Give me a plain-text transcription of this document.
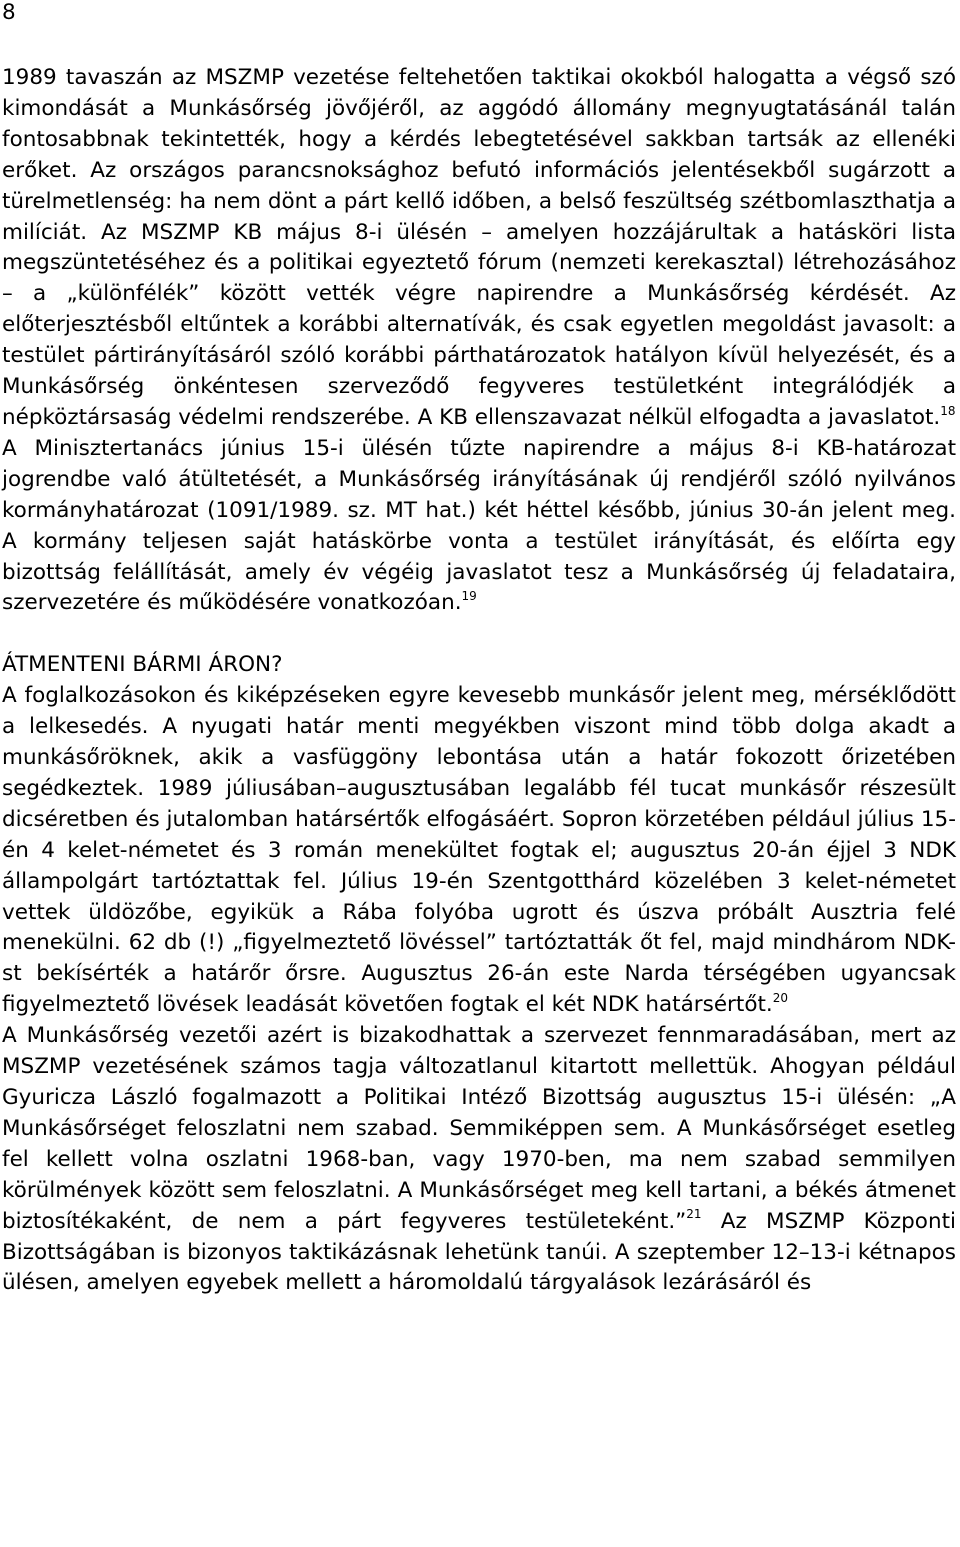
8

1989 tavaszán az MSZMP vezetése feltehetően taktikai okokból halogatta a végső szó kimondását a Munkásőrség jövőjéről, az aggódó állomány megnyugtatásánál talán fontosabbnak tekintették, hogy a kérdés lebegtetésével sakkban tartsák az ellenéki erőket. Az országos parancsnoksághoz befutó információs jelentésekből sugárzott a türelmetlenség: ha nem dönt a párt kellő időben, a belső feszültség szétbomlaszthatja a milíciát. Az MSZMP KB május 8-i ülésén – amelyen hozzájárultak a hatásköri lista megszüntetéséhez és a politikai egyeztető fórum (nemzeti kerekasztal) létrehozásához – a „különfélék” között vették végre napirendre a Munkásőrség kérdését. Az előterjesztésből eltűntek a korábbi alternatívák, és csak egyetlen megoldást javasolt: a testület pártirányításáról szóló korábbi párthatározatok hatályon kívül helyezését, és a Munkásőrség önkéntesen szerveződő fegyveres testületként integrálódjék a népköztársaság védelmi rendszerébe. A KB ellenszavazat nélkül elfogadta a javaslatot.$^{18}$

A Minisztertanács június 15-i ülésén tűzte napirendre a május 8-i KB-határozat jogrendbe való átültetését, a Munkásőrség irányításának új rendjéről szóló nyilvános kormányhatározat (1091/1989. sz. MT hat.) két héttel később, június 30-án jelent meg. A kormány teljesen saját hatáskörbe vonta a testület irányítását, és előírta egy bizottság felállítását, amely év végéig javaslatot tesz a Munkásőrség új feladataira, szervezetére és működésére vonatkozóan.$^{19}$

ÁTMENTENI BÁRMI ÁRON?

A foglalkozásokon és kiképzéseken egyre kevesebb munkásőr jelent meg, mérséklődött a lelkesedés. A nyugati határ menti megyékben viszont mind több dolga akadt a munkásőröknek, akik a vasfüggöny lebontása után a határ fokozott őrizetében segédkeztek. 1989 júliusában–augusztusában legalább fél tucat munkásőr részesült dicséretben és jutalomban határsértők elfogásáért. Sopron körzetében például július 15-én 4 kelet-németet és 3 román menekültet fogtak el; augusztus 20-án éjjel 3 NDK állampolgárt tartóztattak fel. Július 19-én Szentgotthárd közelében 3 kelet-németet vettek üldözőbe, egyikük a Rába folyóba ugrott és úszva próbált Ausztria felé menekülni. 62 db (!) „figyelmeztető lövéssel” tartóztatták őt fel, majd mindhárom NDK-st bekísérték a határőr őrsre. Augusztus 26-án este Narda térségében ugyancsak figyelmeztető lövések leadását követően fogtak el két NDK határsértőt.$^{20}$

A Munkásőrség vezetői azért is bizakodhattak a szervezet fennmaradásában, mert az MSZMP vezetésének számos tagja változatlanul kitartott mellettük. Ahogyan például Gyuricza László fogalmazott a Politikai Intéző Bizottság augusztus 15-i ülésén: „A Munkásőrséget feloszlatni nem szabad. Semmiképpen sem. A Munkásőrséget esetleg fel kellett volna oszlatni 1968-ban, vagy 1970-ben, ma nem szabad semmilyen körülmények között sem feloszlatni. A Munkásőrséget meg kell tartani, a békés átmenet biztosítékaként, de nem a párt fegyveres testületeként.”$^{21}$ Az MSZMP Központi Bizottságában is bizonyos taktikázásnak lehetünk tanúi. A szeptember 12–13-i kétnapos ülésen, amelyen egyebek mellett a háromoldalú tárgyalások lezárásáról és
